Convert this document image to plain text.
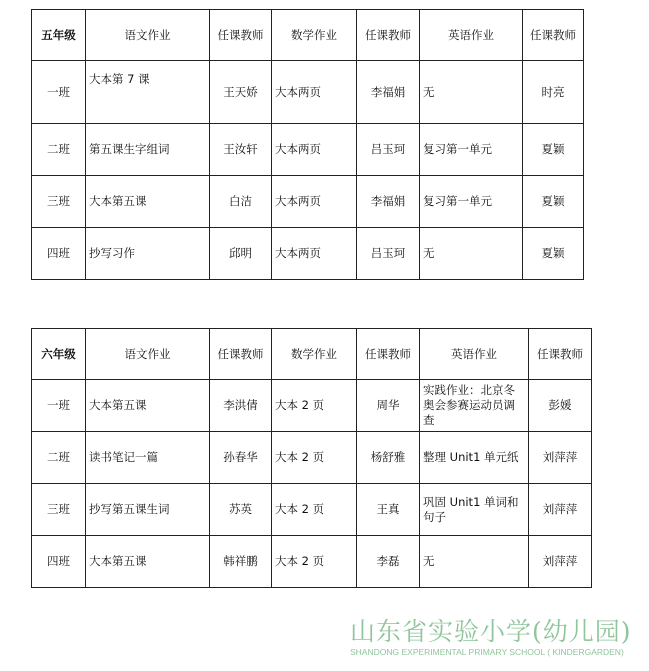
五年级	语文作业	任课教师	数学作业	任课教师	英语作业	任课教师
一班	大本第 7 课	王天娇	大本两页	李福娟	无	时亮
二班	第五课生字组词	王汝轩	大本两页	吕玉珂	复习第一单元	夏颖
三班	大本第五课	白洁	大本两页	李福娟	复习第一单元	夏颖
四班	抄写习作	邱明	大本两页	吕玉珂	无	夏颖
六年级	语文作业	任课教师	数学作业	任课教师	英语作业	任课教师
一班	大本第五课	李洪倩	大本 2 页	周华	实践作业：北京冬奥会参赛运动员调查	彭媛
二班	读书笔记一篇	孙春华	大本 2 页	杨舒雅	整理 Unit1 单元纸	刘萍萍
三班	抄写第五课生词	苏英	大本 2 页	王真	巩固 Unit1 单词和句子	刘萍萍
四班	大本第五课	韩祥鹏	大本 2 页	李磊	无	刘萍萍
山东省实验小学(幼儿园)
SHANDONG EXPERIMENTAL PRIMARY SCHOOL ( KINDERGARDEN)
